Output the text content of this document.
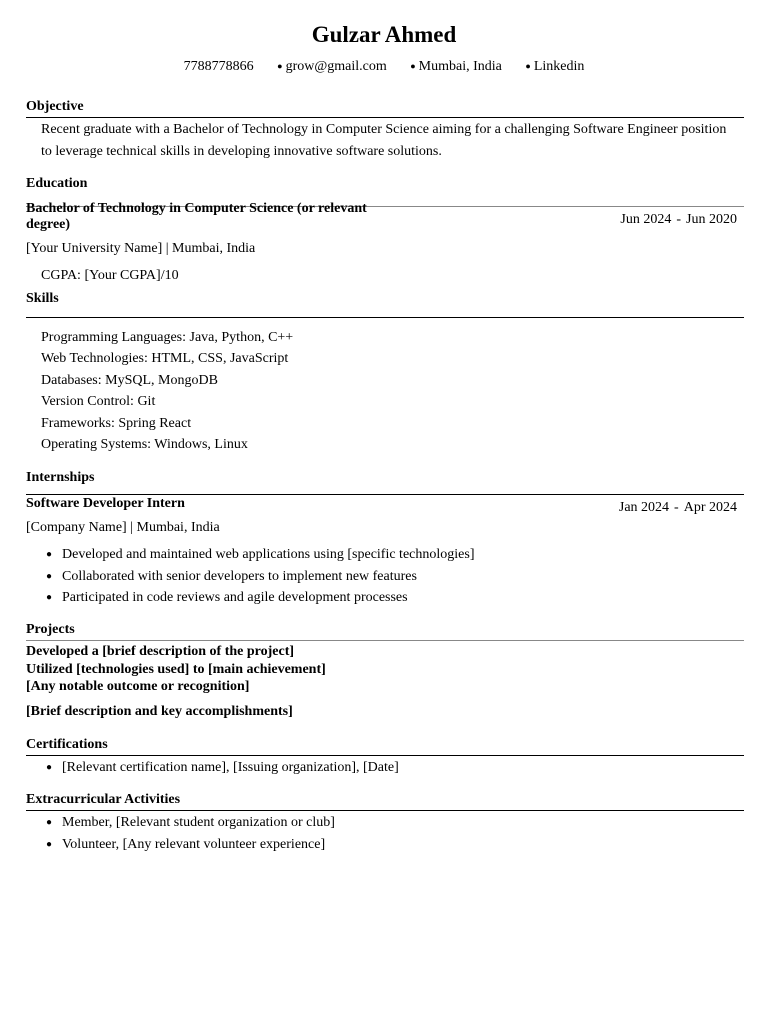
Gulzar Ahmed
7788778866	● grow@gmail.com	● Mumbai, India	● Linkedin
Objective
Recent graduate with a Bachelor of Technology in Computer Science aiming for a challenging Software Engineer position to leverage technical skills in developing innovative software solutions.
Education
Bachelor of Technology in Computer Science (or relevant
degree)	Jun 2024 - Jun 2020
[Your University Name] | Mumbai, India
CGPA: [Your CGPA]/10
Skills
Programming Languages: Java, Python, C++
Web Technologies: HTML, CSS, JavaScript
Databases: MySQL, MongoDB
Version Control: Git
Frameworks: Spring React
Operating Systems: Windows, Linux
Internships
Software Developer Intern	Jan 2024 - Apr 2024
[Company Name] | Mumbai, India
● Developed and maintained web applications using [specific technologies]
● Collaborated with senior developers to implement new features
● Participated in code reviews and agile development processes
Projects
Developed a [brief description of the project]
Utilized [technologies used] to [main achievement]
[Any notable outcome or recognition]
[Brief description and key accomplishments]
Certifications
● [Relevant certification name], [Issuing organization], [Date]
Extracurricular Activities
● Member, [Relevant student organization or club]
● Volunteer, [Any relevant volunteer experience]
